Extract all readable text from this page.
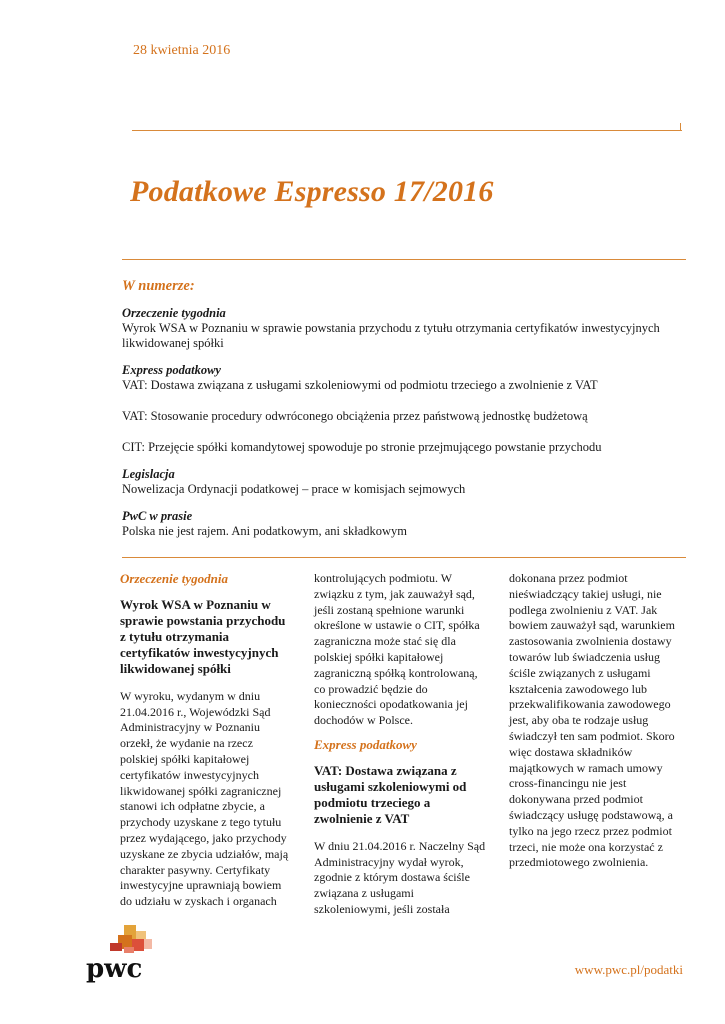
28 kwietnia 2016
Podatkowe Espresso 17/2016
W numerze:
Orzeczenie tygodnia

Wyrok WSA w Poznaniu w sprawie powstania przychodu z tytułu otrzymania certyfikatów inwestycyjnych likwidowanej spółki

Express podatkowy

VAT: Dostawa związana z usługami szkoleniowymi od podmiotu trzeciego a zwolnienie z VAT

VAT: Stosowanie procedury odwróconego obciążenia przez państwową jednostkę budżetową

CIT: Przejęcie spółki komandytowej spowoduje po stronie przejmującego powstanie przychodu

Legislacja

Nowelizacja Ordynacji podatkowej – prace w komisjach sejmowych

PwC w prasie

Polska nie jest rajem. Ani podatkowym, ani składkowym

Orzeczenie tygodnia
Wyrok WSA w Poznaniu w sprawie powstania przychodu z tytułu otrzymania certyfikatów inwestycyjnych likwidowanej spółki

W wyroku, wydanym w dniu 21.04.2016 r., Wojewódzki Sąd Administracyjny w Poznaniu orzekł, że wydanie na rzecz polskiej spółki kapitałowej certyfikatów inwestycyjnych likwidowanej spółki zagranicznej stanowi ich odpłatne zbycie, a przychody uzyskane z tego tytułu przez wydającego, jako przychody uzyskane ze zbycia udziałów, mają charakter pasywny. Certyfikaty inwestycyjne uprawniają bowiem do udziału w zyskach i organach

kontrolujących podmiotu. W związku z tym, jak zauważył sąd, jeśli zostaną spełnione warunki określone w ustawie o CIT, spółka zagraniczna może stać się dla polskiej spółki kapitałowej zagraniczną spółką kontrolowaną, co prowadzić będzie do konieczności opodatkowania jej dochodów w Polsce.

Express podatkowy
VAT: Dostawa związana z usługami szkoleniowymi od podmiotu trzeciego a zwolnienie z VAT

W dniu 21.04.2016 r. Naczelny Sąd Administracyjny wydał wyrok, zgodnie z którym dostawa ściśle związana z usługami szkoleniowymi, jeśli została

dokonana przez podmiot nieświadczący takiej usługi, nie podlega zwolnieniu z VAT. Jak bowiem zauważył sąd, warunkiem zastosowania zwolnienia dostawy towarów lub świadczenia usług ściśle związanych z usługami kształcenia zawodowego lub przekwalifikowania zawodowego jest, aby oba te rodzaje usług świadczył ten sam podmiot. Skoro więc dostawa składników majątkowych w ramach umowy cross-financingu nie jest dokonywana przed podmiot świadczący usługę podstawową, a tylko na jego rzecz przez podmiot trzeci, nie może ona korzystać z przedmiotowego zwolnienia.

pwc	www.pwc.pl/podatki
